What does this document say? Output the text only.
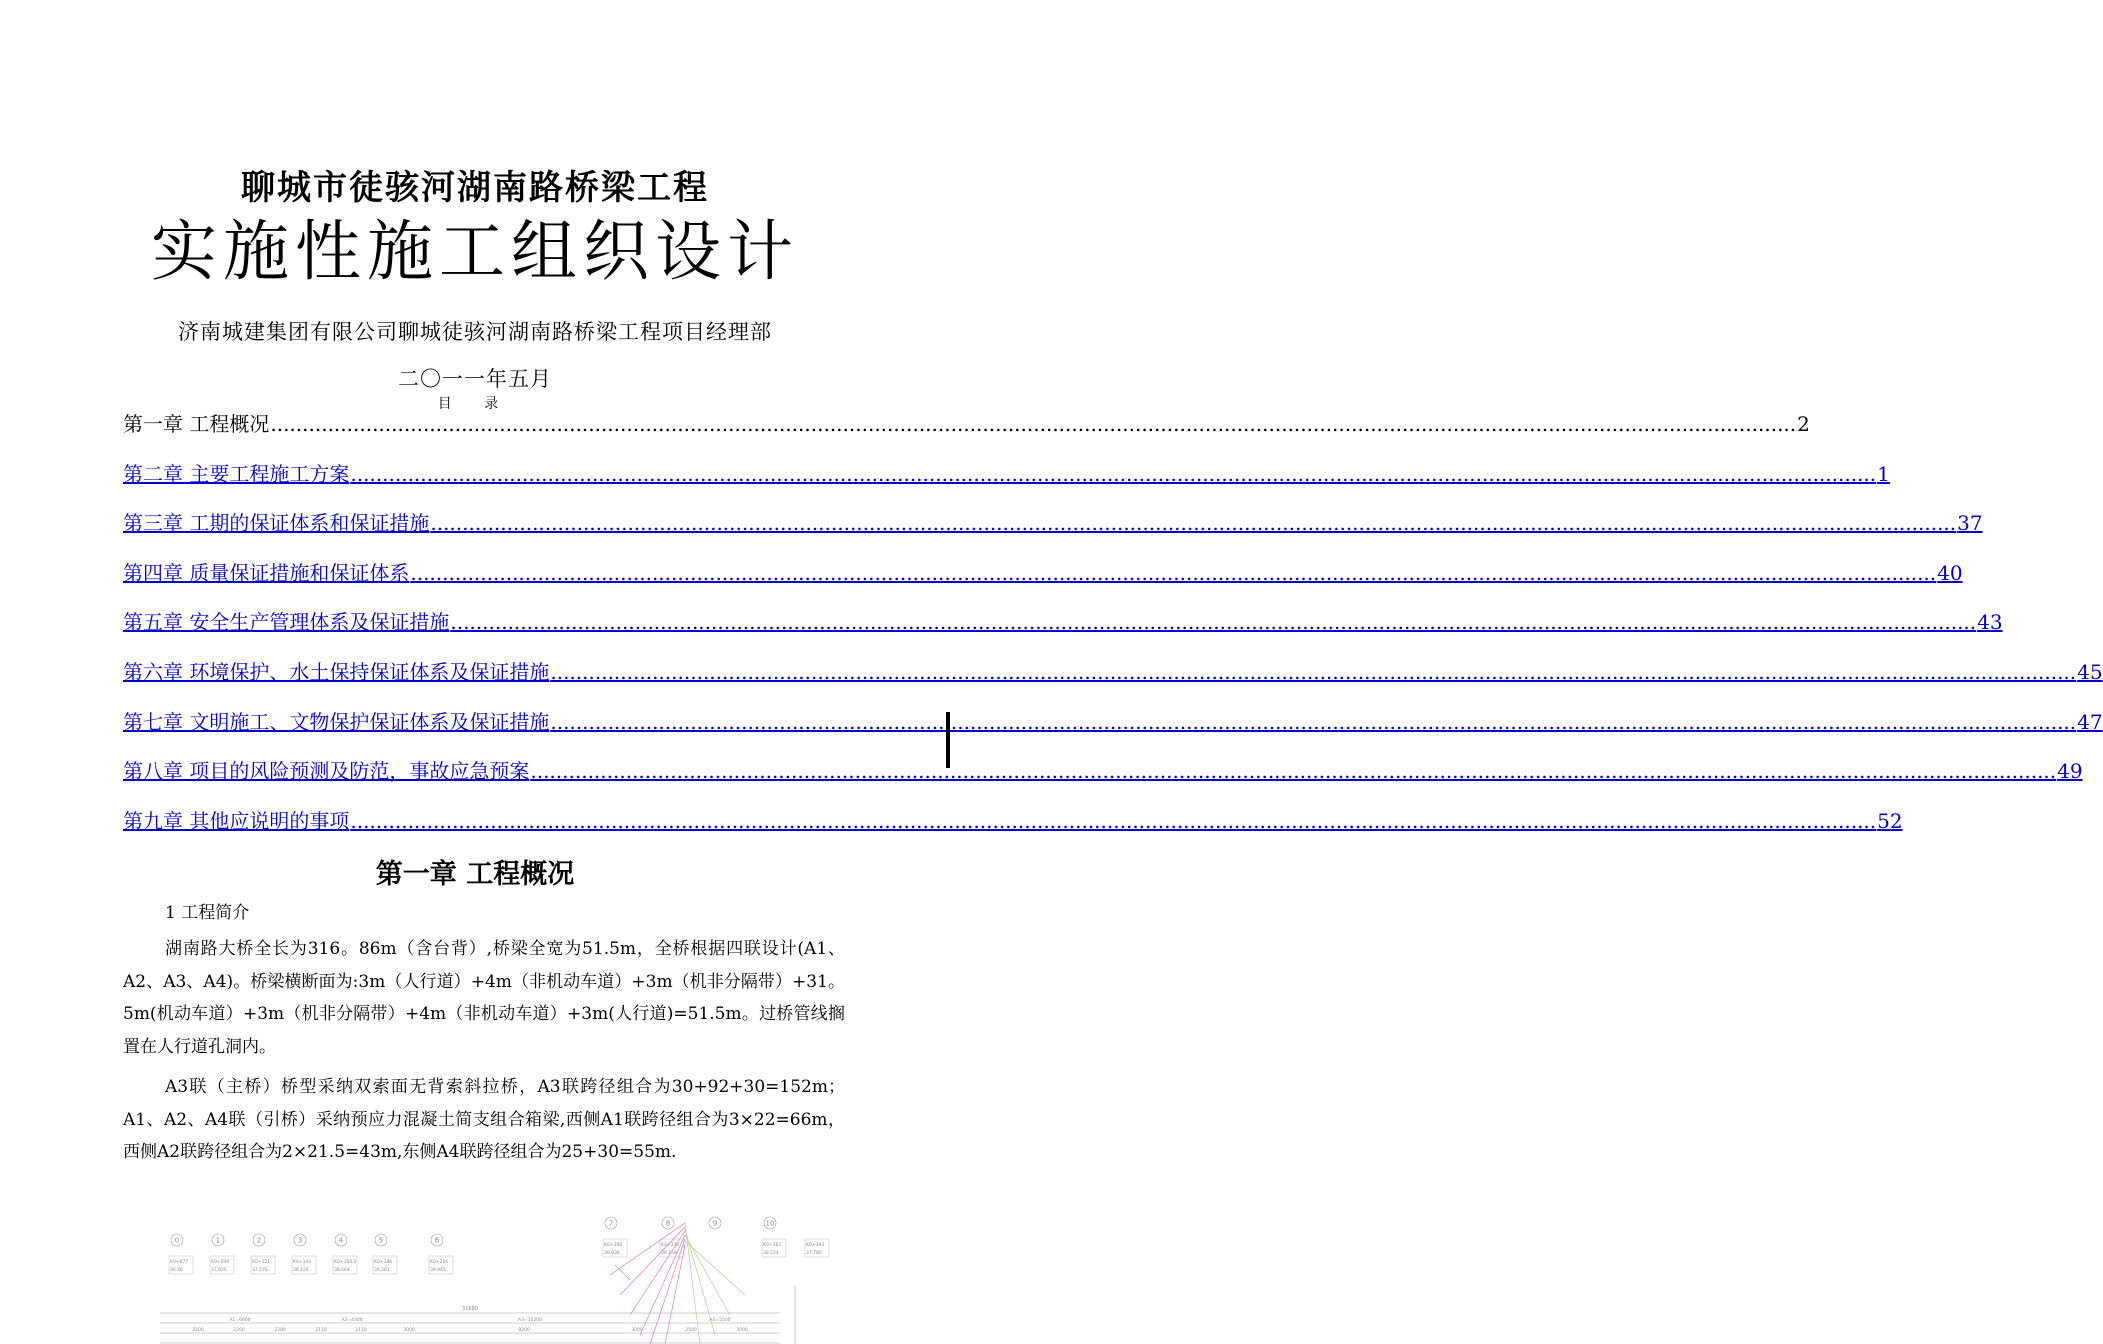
聊城市徒骇河湖南路桥梁工程
实施性施工组织设计
济南城建集团有限公司聊城徒骇河湖南路桥梁工程项目经理部
二〇一一年五月
目 录
第一章 工程概况 .....	2
第二章 主要工程施工方案 .....	1
第三章 工期的保证体系和保证措施 .....	37
第四章 质量保证措施和保证体系 .....	40
第五章 安全生产管理体系及保证措施 .....	43
第六章 环境保护、水土保持保证体系及保证措施 .....	45
第七章 文明施工、文物保护保证体系及保证措施 .....	47
第八章 项目的风险预测及防范，事故应急预案 .....	49
第九章 其他应说明的事项 .....	52
第一章 工程概况
1 工程简介
湖南路大桥全长为316。86m（含台背）,桥梁全宽为51.5m，全桥根据四联设计(A1、A2、A3、A4)。桥梁横断面为:3m（人行道）+4m（非机动车道）+3m（机非分隔带）+31。5m(机动车道）+3m（机非分隔带）+4m（非机动车道）+3m(人行道)=51.5m。过桥管线搁置在人行道孔洞内。
A3联（主桥）桥型采纳双索面无背索斜拉桥，A3联跨径组合为30+92+30=152m；A1、A2、A4联（引桥）采纳预应力混凝土简支组合箱梁,西侧A1联跨径组合为3×22=66m，西侧A2联跨径组合为2×21.5=43m,东侧A4联跨径组合为25+30=55m.
0
K0+077
36.48
1
K0+099
37.026
2
K0+121
37.576
3
K0+143
38.126
4
K0+164.5
38.664
5
K0+186
39.201
6
K0+216
39.945
7
K0+308
39.936
8
K0+338
39.159
9	10
K0+363
38.534
K0+393
37.780
31680
A1=6600	A2=4300	A3=15200	A4=5500
2200	2200	2200	2150	2150	3000	9200	3000	2500	3000
